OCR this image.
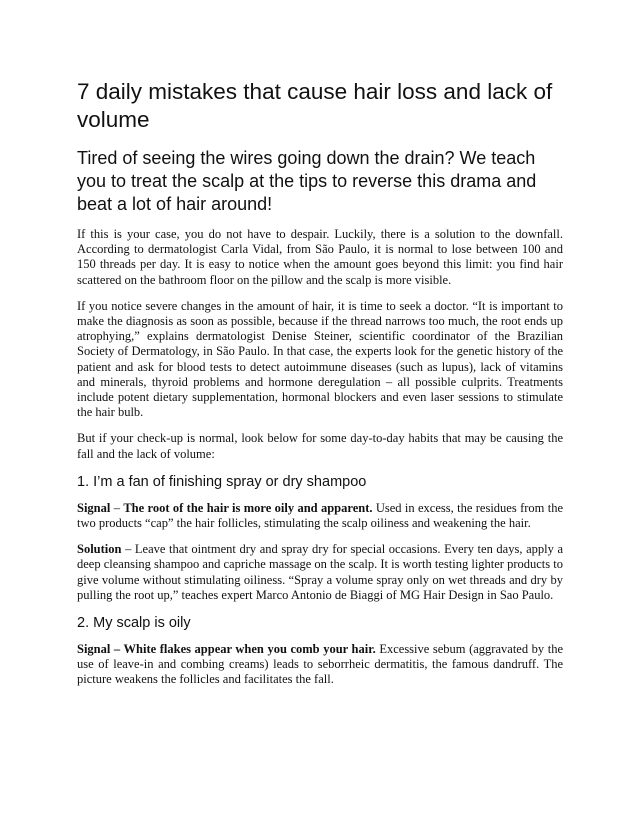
7 daily mistakes that cause hair loss and lack of volume

Tired of seeing the wires going down the drain? We teach you to treat the scalp at the tips to reverse this drama and beat a lot of hair around!

If this is your case, you do not have to despair. Luckily, there is a solution to the downfall. According to dermatologist Carla Vidal, from São Paulo, it is normal to lose between 100 and 150 threads per day. It is easy to notice when the amount goes beyond this limit: you find hair scattered on the bathroom floor on the pillow and the scalp is more visible.

If you notice severe changes in the amount of hair, it is time to seek a doctor. “It is important to make the diagnosis as soon as possible, because if the thread narrows too much, the root ends up atrophying,” explains dermatologist Denise Steiner, scientific coordinator of the Brazilian Society of Dermatology, in São Paulo. In that case, the experts look for the genetic history of the patient and ask for blood tests to detect autoimmune diseases (such as lupus), lack of vitamins and minerals, thyroid problems and hormone deregulation – all possible culprits. Treatments include potent dietary supplementation, hormonal blockers and even laser sessions to stimulate the hair bulb.

But if your check-up is normal, look below for some day-to-day habits that may be causing the fall and the lack of volume:

1. I’m a fan of finishing spray or dry shampoo

Signal – The root of the hair is more oily and apparent. Used in excess, the residues from the two products “cap” the hair follicles, stimulating the scalp oiliness and weakening the hair.

Solution – Leave that ointment dry and spray dry for special occasions. Every ten days, apply a deep cleansing shampoo and capriche massage on the scalp. It is worth testing lighter products to give volume without stimulating oiliness. “Spray a volume spray only on wet threads and dry by pulling the root up,” teaches expert Marco Antonio de Biaggi of MG Hair Design in Sao Paulo.

2. My scalp is oily

Signal – White flakes appear when you comb your hair. Excessive sebum (aggravated by the use of leave-in and combing creams) leads to seborrheic dermatitis, the famous dandruff. The picture weakens the follicles and facilitates the fall.
